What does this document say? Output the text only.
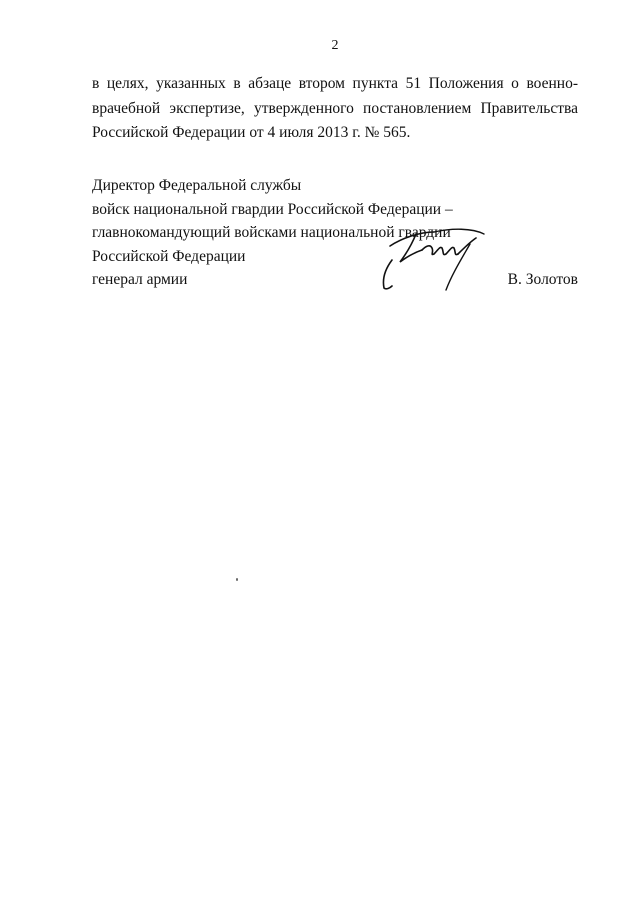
2
в целях, указанных в абзаце втором пункта 51 Положения о военно-
врачебной экспертизе, утвержденного постановлением Правительства
Российской Федерации от 4 июля 2013 г. № 565.
Директор Федеральной службы
войск национальной гвардии Российской Федерации –
главнокомандующий войсками национальной гвардии
Российской Федерации
генерал армии	В. Золотов
